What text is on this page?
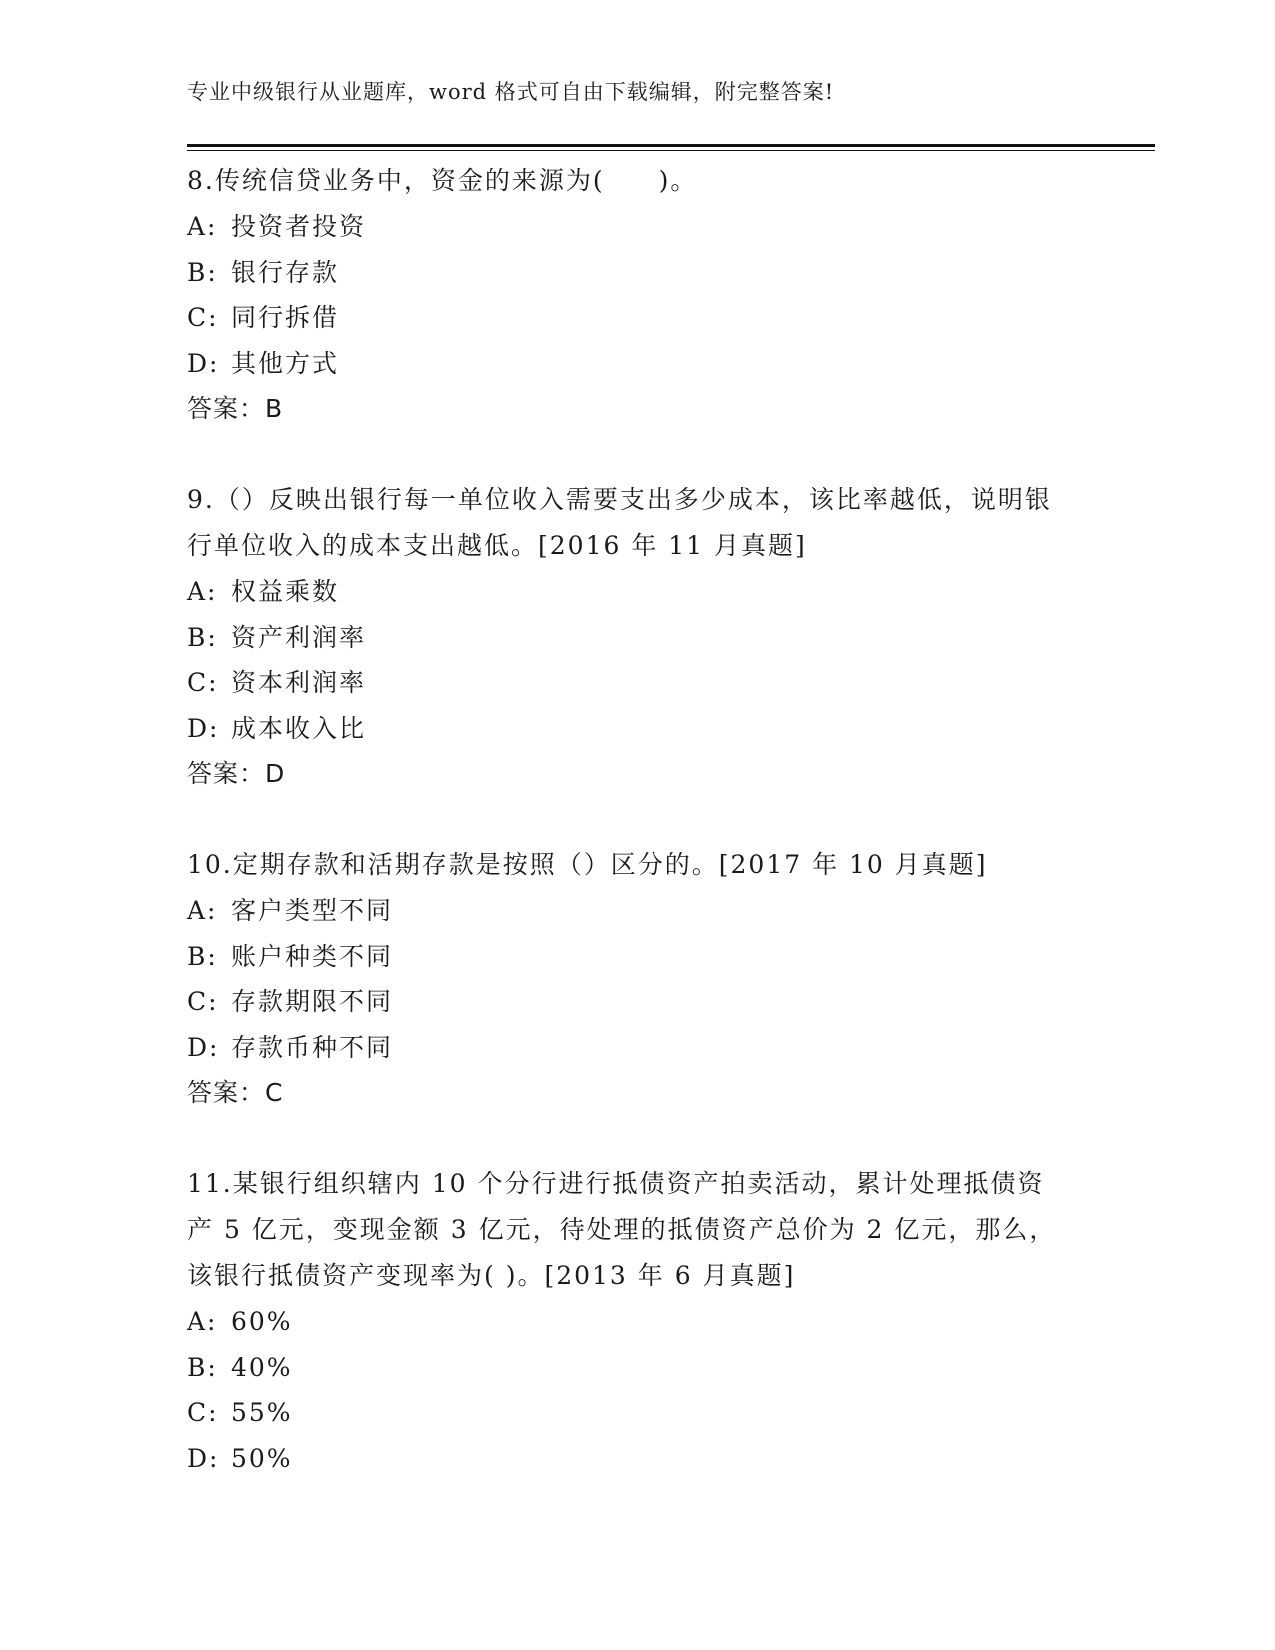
专业中级银行从业题库，word 格式可自由下载编辑，附完整答案!

8.传统信贷业务中，资金的来源为(　　)。

A: 投资者投资
B: 银行存款
C: 同行拆借
D: 其他方式
答案：B

9.（）反映出银行每一单位收入需要支出多少成本，该比率越低，说明银行单位收入的成本支出越低。[2016 年 11 月真题]

A: 权益乘数
B: 资产利润率
C: 资本利润率
D: 成本收入比
答案：D

10.定期存款和活期存款是按照（）区分的。[2017 年 10 月真题]

A: 客户类型不同
B: 账户种类不同
C: 存款期限不同
D: 存款币种不同
答案：C

11.某银行组织辖内 10 个分行进行抵债资产拍卖活动，累计处理抵债资产 5 亿元，变现金额 3 亿元，待处理的抵债资产总价为 2 亿元，那么，该银行抵债资产变现率为( )。[2013 年 6 月真题]

A: 60%
B: 40%
C: 55%
D: 50%
